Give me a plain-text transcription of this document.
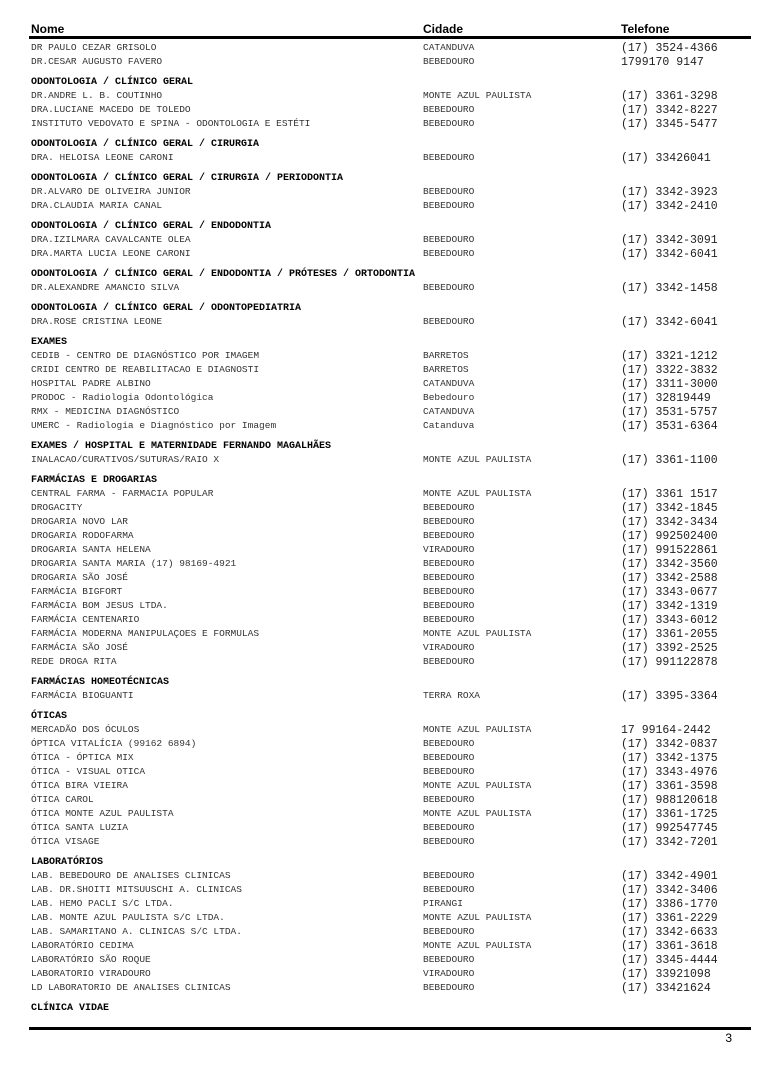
Nome	Cidade	Telefone
DR PAULO CEZAR GRISOLO	CATANDUVA	(17) 3524-4366
DR.CESAR AUGUSTO FAVERO	BEBEDOURO	1799170 9147
ODONTOLOGIA / CLÍNICO GERAL
DR.ANDRE L. B. COUTINHO	MONTE AZUL PAULISTA	(17) 3361-3298
DRA.LUCIANE MACEDO DE TOLEDO	BEBEDOURO	(17) 3342-8227
INSTITUTO VEDOVATO E SPINA - ODONTOLOGIA E ESTÉTI	BEBEDOURO	(17) 3345-5477
ODONTOLOGIA / CLÍNICO GERAL / CIRURGIA
DRA. HELOISA LEONE CARONI	BEBEDOURO	(17) 33426041
ODONTOLOGIA / CLÍNICO GERAL / CIRURGIA / PERIODONTIA
DR.ALVARO DE OLIVEIRA JUNIOR	BEBEDOURO	(17) 3342-3923
DRA.CLAUDIA MARIA CANAL	BEBEDOURO	(17) 3342-2410
ODONTOLOGIA / CLÍNICO GERAL / ENDODONTIA
DRA.IZILMARA CAVALCANTE OLEA	BEBEDOURO	(17) 3342-3091
DRA.MARTA LUCIA LEONE CARONI	BEBEDOURO	(17) 3342-6041
ODONTOLOGIA / CLÍNICO GERAL / ENDODONTIA / PRÓTESES / ORTODONTIA
DR.ALEXANDRE AMANCIO SILVA	BEBEDOURO	(17) 3342-1458
ODONTOLOGIA / CLÍNICO GERAL / ODONTOPEDIATRIA
DRA.ROSE CRISTINA LEONE	BEBEDOURO	(17) 3342-6041
EXAMES
CEDIB - CENTRO DE DIAGNÓSTICO POR IMAGEM	BARRETOS	(17) 3321-1212
CRIDI CENTRO DE REABILITACAO E DIAGNOSTI	BARRETOS	(17) 3322-3832
HOSPITAL PADRE ALBINO	CATANDUVA	(17) 3311-3000
PRODOC - Radiologia Odontológica	Bebedouro	(17) 32819449
RMX - MEDICINA DIAGNÓSTICO	CATANDUVA	(17) 3531-5757
UMERC - Radiologia e Diagnóstico por Imagem	Catanduva	(17) 3531-6364
EXAMES / HOSPITAL E MATERNIDADE FERNANDO MAGALHÃES
INALACAO/CURATIVOS/SUTURAS/RAIO X	MONTE AZUL PAULISTA	(17) 3361-1100
FARMÁCIAS E DROGARIAS
CENTRAL FARMA - FARMACIA POPULAR	MONTE AZUL PAULISTA	(17) 3361 1517
DROGACITY	BEBEDOURO	(17) 3342-1845
DROGARIA NOVO LAR	BEBEDOURO	(17) 3342-3434
DROGARIA RODOFARMA	BEBEDOURO	(17) 992502400
DROGARIA SANTA HELENA	VIRADOURO	(17) 991522861
DROGARIA SANTA MARIA (17) 98169-4921	BEBEDOURO	(17) 3342-3560
DROGARIA SÃO JOSÉ	BEBEDOURO	(17) 3342-2588
FARMÁCIA BIGFORT	BEBEDOURO	(17) 3343-0677
FARMÁCIA BOM JESUS LTDA.	BEBEDOURO	(17) 3342-1319
FARMÁCIA CENTENARIO	BEBEDOURO	(17) 3343-6012
FARMÁCIA MODERNA MANIPULAÇOES E FORMULAS	MONTE AZUL PAULISTA	(17) 3361-2055
FARMÁCIA SÃO JOSÉ	VIRADOURO	(17) 3392-2525
REDE DROGA RITA	BEBEDOURO	(17) 991122878
FARMÁCIAS HOMEOTÉCNICAS
FARMÁCIA BIOGUANTI	TERRA ROXA	(17) 3395-3364
ÓTICAS
MERCADÃO DOS ÓCULOS	MONTE AZUL PAULISTA	17 99164-2442
ÓPTICA VITALÍCIA (99162 6894)	BEBEDOURO	(17) 3342-0837
ÓTICA - ÓPTICA MIX	BEBEDOURO	(17) 3342-1375
ÓTICA - VISUAL OTICA	BEBEDOURO	(17) 3343-4976
ÓTICA BIRA VIEIRA	MONTE AZUL PAULISTA	(17) 3361-3598
ÓTICA CAROL	BEBEDOURO	(17) 988120618
ÓTICA MONTE AZUL PAULISTA	MONTE AZUL PAULISTA	(17) 3361-1725
ÓTICA SANTA LUZIA	BEBEDOURO	(17) 992547745
ÓTICA VISAGE	BEBEDOURO	(17) 3342-7201
LABORATÓRIOS
LAB. BEBEDOURO DE ANALISES CLINICAS	BEBEDOURO	(17) 3342-4901
LAB. DR.SHOITI MITSUUSCHI A. CLINICAS	BEBEDOURO	(17) 3342-3406
LAB. HEMO PACLI S/C LTDA.	PIRANGI	(17) 3386-1770
LAB. MONTE AZUL PAULISTA S/C LTDA.	MONTE AZUL PAULISTA	(17) 3361-2229
LAB. SAMARITANO A. CLINICAS S/C LTDA.	BEBEDOURO	(17) 3342-6633
LABORATÓRIO CEDIMA	MONTE AZUL PAULISTA	(17) 3361-3618
LABORATÓRIO SÃO ROQUE	BEBEDOURO	(17) 3345-4444
LABORATORIO VIRADOURO	VIRADOURO	(17) 33921098
LD LABORATORIO DE ANALISES CLINICAS	BEBEDOURO	(17) 33421624
CLÍNICA VIDAE
3
